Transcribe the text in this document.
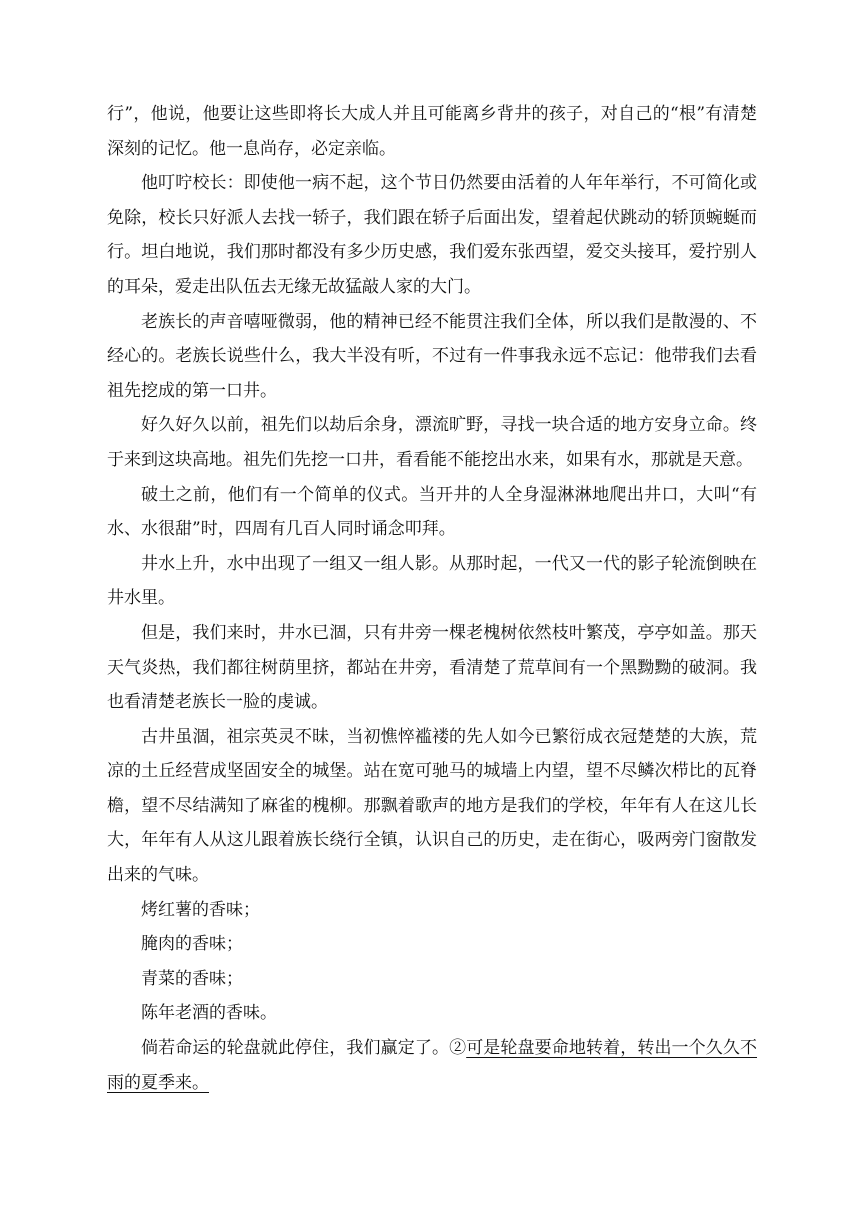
行”，他说，他要让这些即将长大成人并且可能离乡背井的孩子，对自己的“根”有清楚深刻的记忆。他一息尚存，必定亲临。

他叮咛校长：即使他一病不起，这个节日仍然要由活着的人年年举行，不可简化或免除，校长只好派人去找一轿子，我们跟在轿子后面出发，望着起伏跳动的轿顶蜿蜒而行。坦白地说，我们那时都没有多少历史感，我们爱东张西望，爱交头接耳，爱拧别人的耳朵，爱走出队伍去无缘无故猛敲人家的大门。

老族长的声音嘻哑微弱，他的精神已经不能贯注我们全体，所以我们是散漫的、不经心的。老族长说些什么，我大半没有听，不过有一件事我永远不忘记：他带我们去看祖先挖成的第一口井。

好久好久以前，祖先们以劫后余身，漂流旷野，寻找一块合适的地方安身立命。终于来到这块高地。祖先们先挖一口井，看看能不能挖出水来，如果有水，那就是天意。

破土之前，他们有一个简单的仪式。当开井的人全身湿淋淋地爬出井口，大叫“有水、水很甜”时，四周有几百人同时诵念叩拜。

井水上升，水中出现了一组又一组人影。从那时起，一代又一代的影子轮流倒映在井水里。

但是，我们来时，井水已涸，只有井旁一棵老槐树依然枝叶繁茂，亭亭如盖。那天天气炎热，我们都往树荫里挤，都站在井旁，看清楚了荒草间有一个黑黝黝的破洞。我也看清楚老族长一脸的虔诚。

古井虽涸，祖宗英灵不昧，当初憔悴褴褛的先人如今已繁衍成衣冠楚楚的大族，荒凉的土丘经营成坚固安全的城堡。站在宽可驰马的城墙上内望，望不尽鳞次栉比的瓦脊檐，望不尽结满知了麻雀的槐柳。那飘着歌声的地方是我们的学校，年年有人在这儿长大，年年有人从这儿跟着族长绕行全镇，认识自己的历史，走在街心，吸两旁门窗散发出来的气味。

烤红薯的香味；

腌肉的香味；

青菜的香味；

陈年老酒的香味。

倘若命运的轮盘就此停住，我们赢定了。②可是轮盘要命地转着，转出一个久久不雨的夏季来。
